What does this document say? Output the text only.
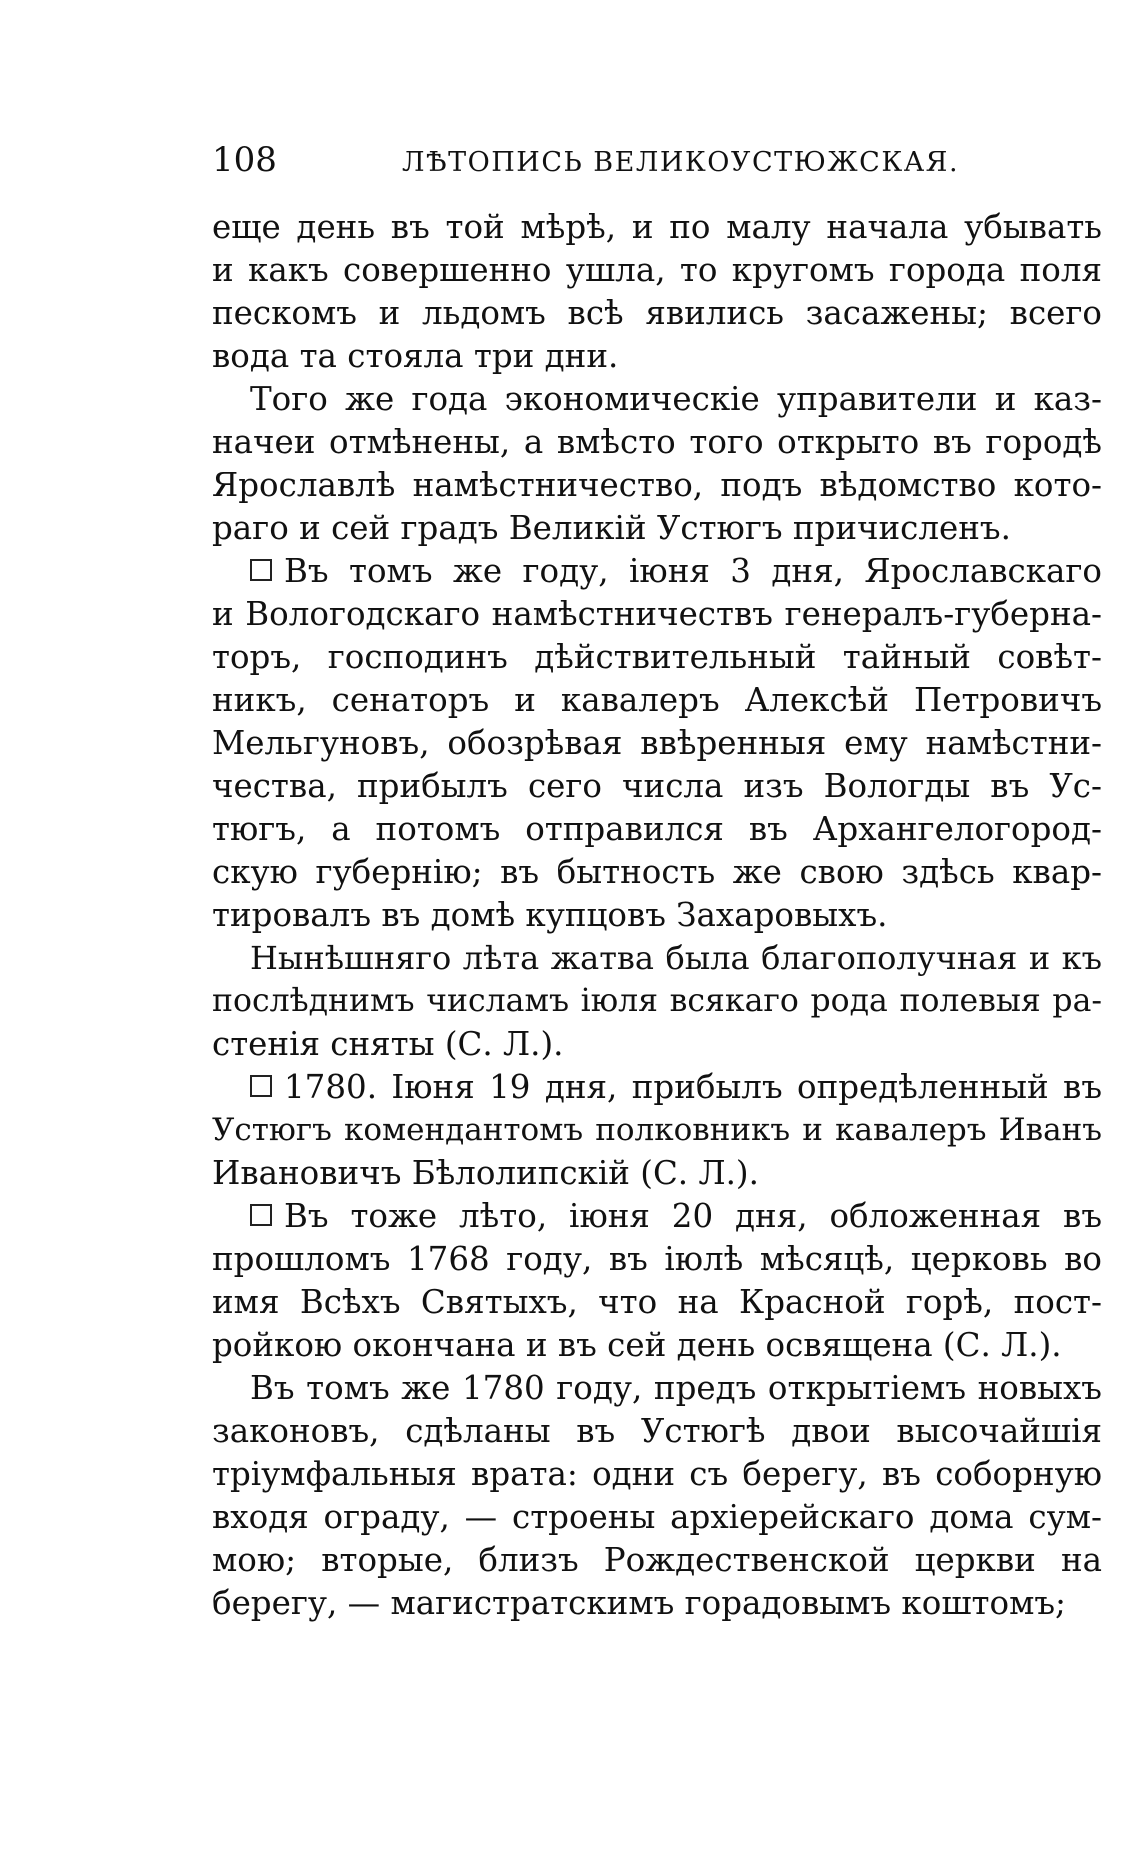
108	ЛѢТОПИСЬ ВЕЛИКОУСТЮЖСКАЯ.
еще день въ той мѣрѣ, и по малу начала убывать
и какъ совершенно ушла, то кругомъ города поля
пескомъ и льдомъ всѣ явились засажены; всего
вода та стояла три дни.
Того же года экономическіе управители и каз-
начеи отмѣнены, а вмѣсто того открыто въ городѣ
Ярославлѣ намѣстничество, подъ вѣдомство кото-
раго и сей градъ Великій Устюгъ причисленъ.
Въ томъ же году, іюня 3 дня, Ярославскаго
и Вологодскаго намѣстничествъ генералъ-губерна-
торъ, господинъ дѣйствительный тайный совѣт-
никъ, сенаторъ и кавалеръ Алексѣй Петровичъ
Мельгуновъ, обозрѣвая ввѣренныя ему намѣстни-
чества, прибылъ сего числа изъ Вологды въ Ус-
тюгъ, а потомъ отправился въ Архангелогород-
скую губернію; въ бытность же свою здѣсь квар-
тировалъ въ домѣ купцовъ Захаровыхъ.
Нынѣшняго лѣта жатва была благополучная и къ
послѣднимъ числамъ іюля всякаго рода полевыя ра-
стенія сняты (С. Л.).
1780. Іюня 19 дня, прибылъ опредѣленный въ
Устюгъ комендантомъ полковникъ и кавалеръ Иванъ
Ивановичъ Бѣлолипскій (С. Л.).
Въ тоже лѣто, іюня 20 дня, обложенная въ
прошломъ 1768 году, въ іюлѣ мѣсяцѣ, церковь во
имя Всѣхъ Святыхъ, что на Красной горѣ, пост-
ройкою окончана и въ сей день освящена (С. Л.).
Въ томъ же 1780 году, предъ открытіемъ новыхъ
законовъ, сдѣланы въ Устюгѣ двои высочайшія
тріумфальныя врата: одни съ берегу, въ соборную
входя ограду, — строены архіерейскаго дома сум-
мою; вторые, близъ Рождественской церкви на
берегу, — магистратскимъ горадовымъ коштомъ;
